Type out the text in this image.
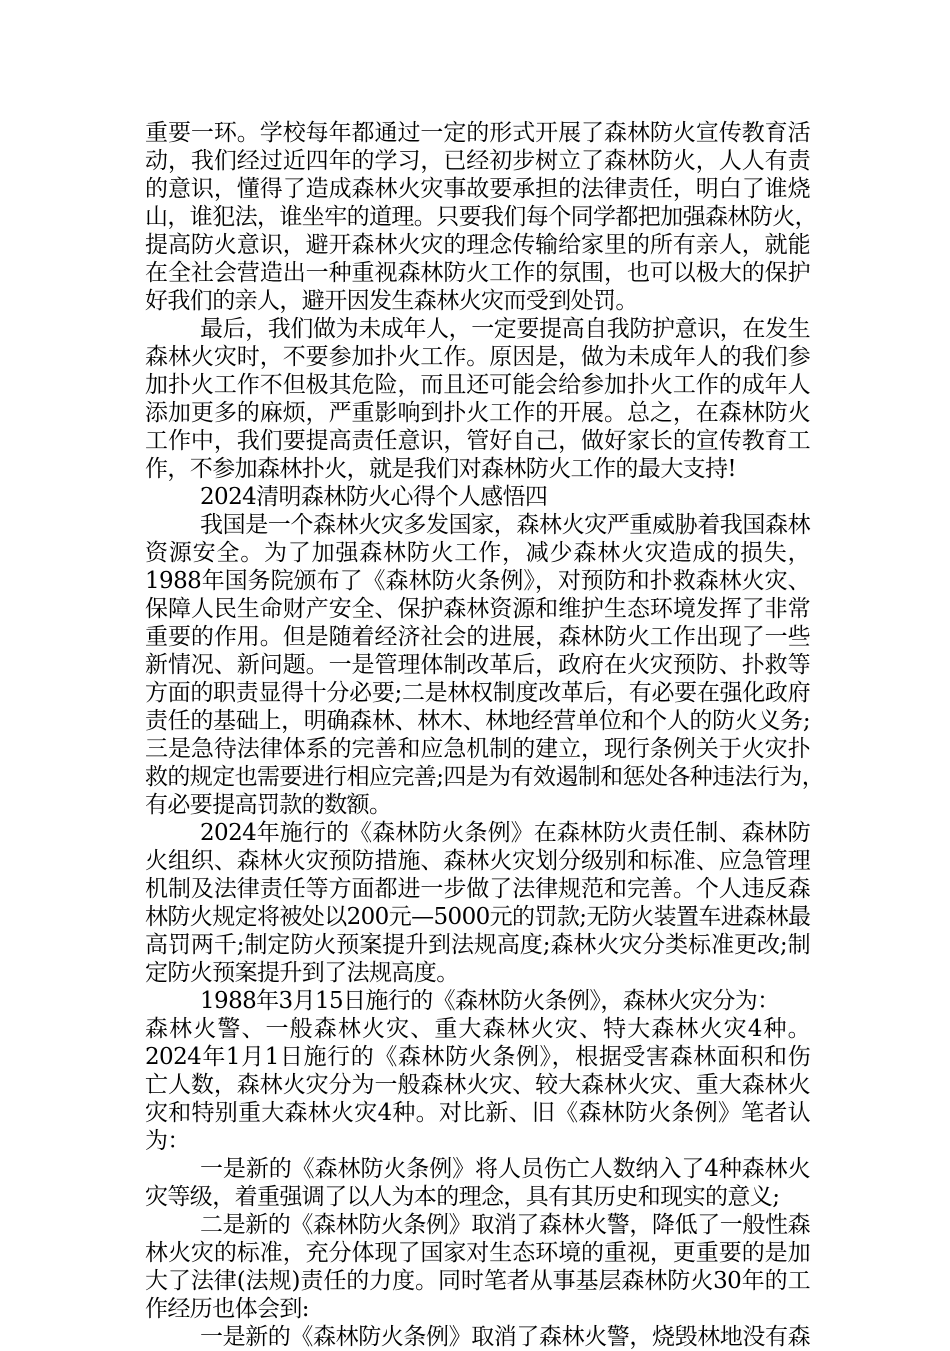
重要一环。学校每年都通过一定的形式开展了森林防火宣传教育活
动，我们经过近四年的学习，已经初步树立了森林防火，人人有责
的意识，懂得了造成森林火灾事故要承担的法律责任，明白了谁烧
山，谁犯法，谁坐牢的道理。只要我们每个同学都把加强森林防火，
提高防火意识，避开森林火灾的理念传输给家里的所有亲人，就能
在全社会营造出一种重视森林防火工作的氛围，也可以极大的保护
好我们的亲人，避开因发生森林火灾而受到处罚。
最后，我们做为未成年人，一定要提高自我防护意识，在发生
森林火灾时，不要参加扑火工作。原因是，做为未成年人的我们参
加扑火工作不但极其危险，而且还可能会给参加扑火工作的成年人
添加更多的麻烦，严重影响到扑火工作的开展。总之，在森林防火
工作中，我们要提高责任意识，管好自己，做好家长的宣传教育工
作，不参加森林扑火，就是我们对森林防火工作的最大支持!
2024清明森林防火心得个人感悟四
我国是一个森林火灾多发国家，森林火灾严重威胁着我国森林
资源安全。为了加强森林防火工作，减少森林火灾造成的损失，
1988年国务院颁布了《森林防火条例》，对预防和扑救森林火灾、
保障人民生命财产安全、保护森林资源和维护生态环境发挥了非常
重要的作用。但是随着经济社会的进展，森林防火工作出现了一些
新情况、新问题。一是管理体制改革后，政府在火灾预防、扑救等
方面的职责显得十分必要;二是林权制度改革后，有必要在强化政府
责任的基础上，明确森林、林木、林地经营单位和个人的防火义务;
三是急待法律体系的完善和应急机制的建立，现行条例关于火灾扑
救的规定也需要进行相应完善;四是为有效遏制和惩处各种违法行为，
有必要提高罚款的数额。
2024年施行的《森林防火条例》在森林防火责任制、森林防
火组织、森林火灾预防措施、森林火灾划分级别和标准、应急管理
机制及法律责任等方面都进一步做了法律规范和完善。个人违反森
林防火规定将被处以200元—5000元的罚款;无防火装置车进森林最
高罚两千;制定防火预案提升到法规高度;森林火灾分类标准更改;制
定防火预案提升到了法规高度。
1988年3月15日施行的《森林防火条例》，森林火灾分为：
森林火警、一般森林火灾、重大森林火灾、特大森林火灾4种。
2024年1月1日施行的《森林防火条例》，根据受害森林面积和伤
亡人数，森林火灾分为一般森林火灾、较大森林火灾、重大森林火
灾和特别重大森林火灾4种。对比新、旧《森林防火条例》笔者认
为：
一是新的《森林防火条例》将人员伤亡人数纳入了4种森林火
灾等级，着重强调了以人为本的理念，具有其历史和现实的意义;
二是新的《森林防火条例》取消了森林火警，降低了一般性森
林火灾的标准，充分体现了国家对生态环境的重视，更重要的是加
大了法律(法规)责任的力度。同时笔者从事基层森林防火30年的工
作经历也体会到:
一是新的《森林防火条例》取消了森林火警，烧毁林地没有森
